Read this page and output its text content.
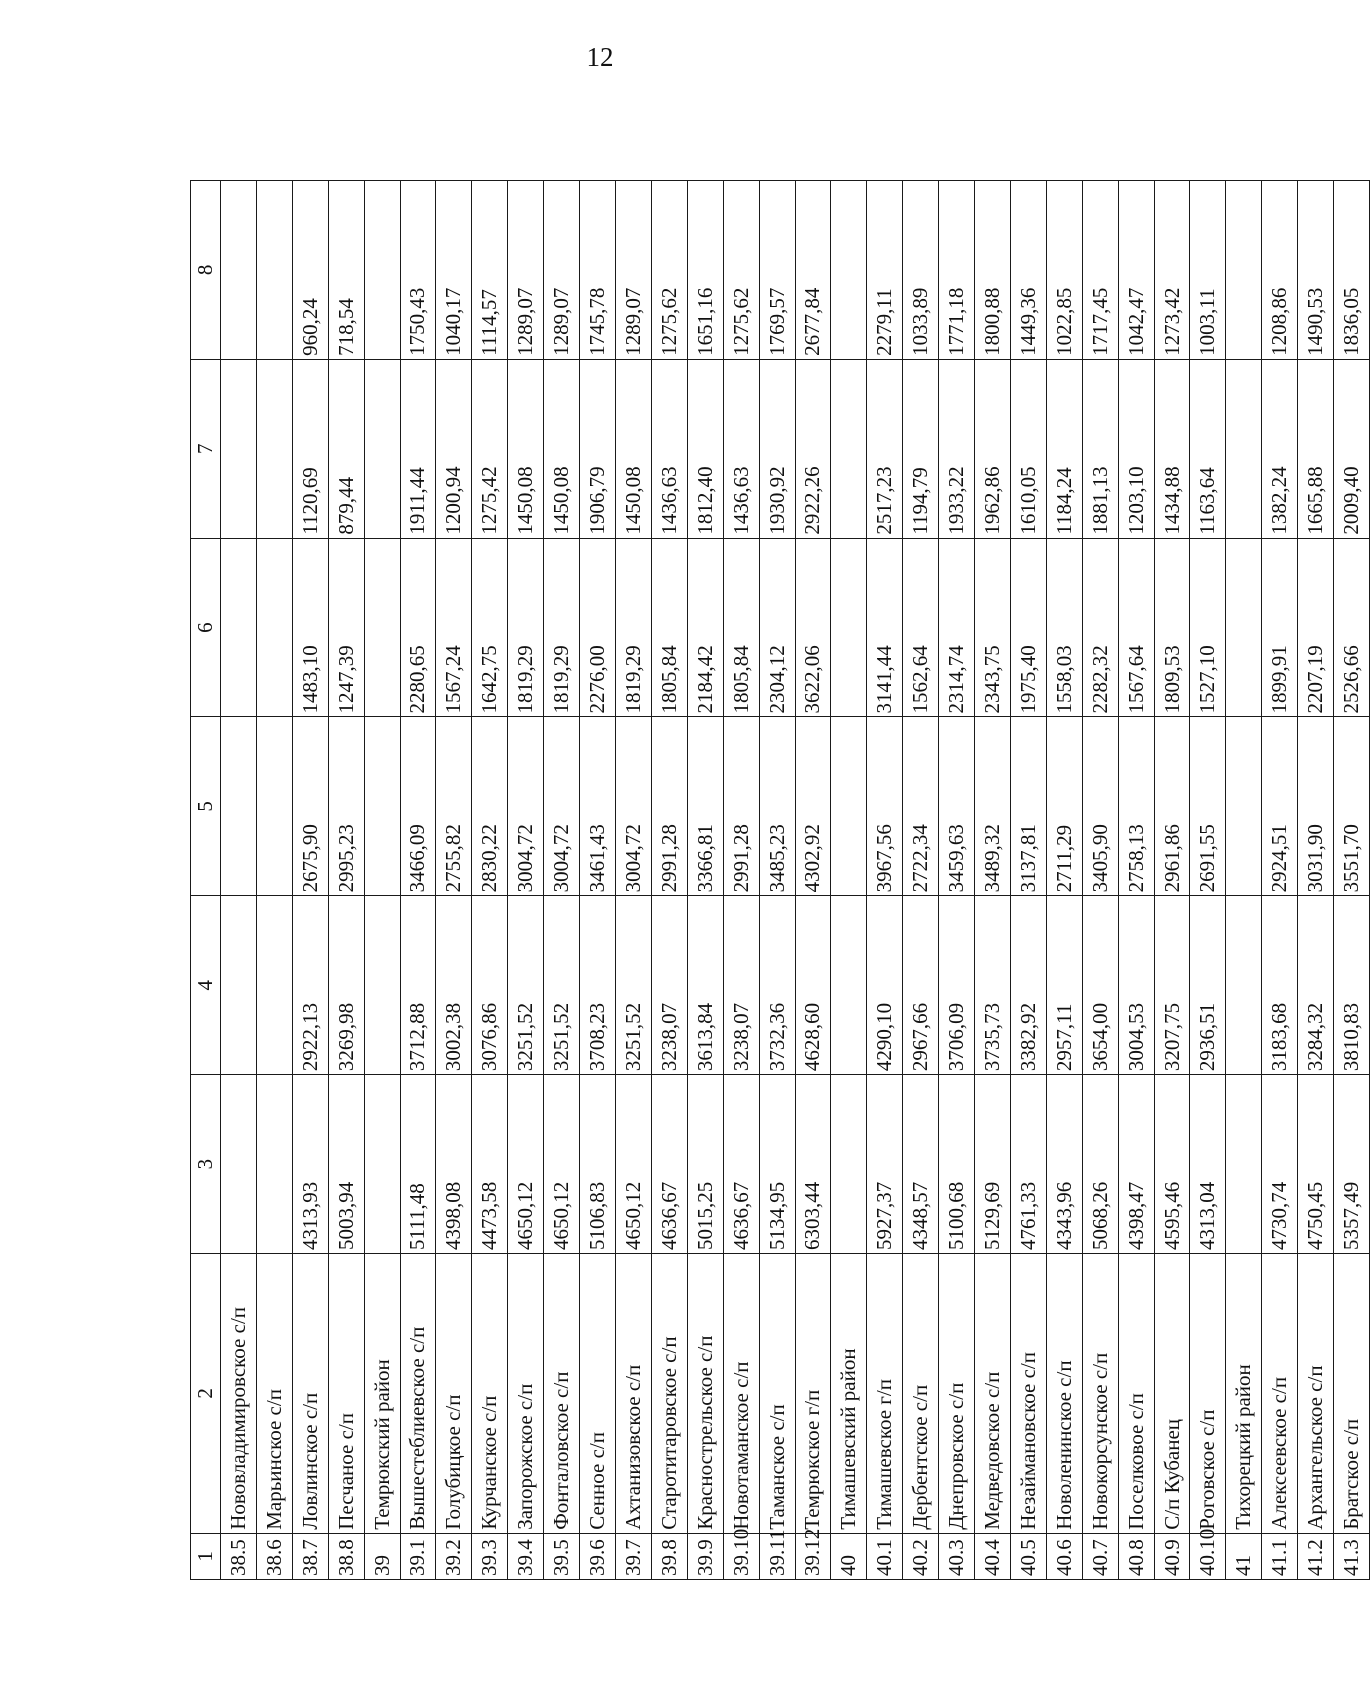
12
1	2	3	4	5	6	7	8
38.5	Нововладимировское с/п						
38.6	Марьинское с/п						
38.7	Ловлинское с/п	4313,93	2922,13	2675,90	1483,10	1120,69	960,24
38.8	Песчаное с/п	5003,94	3269,98	2995,23	1247,39	879,44	718,54
39	Темрюкский район						
39.1	Вышестеблиевское с/п	5111,48	3712,88	3466,09	2280,65	1911,44	1750,43
39.2	Голубицкое с/п	4398,08	3002,38	2755,82	1567,24	1200,94	1040,17
39.3	Курчанское с/п	4473,58	3076,86	2830,22	1642,75	1275,42	1114,57
39.4	Запорожское с/п	4650,12	3251,52	3004,72	1819,29	1450,08	1289,07
39.5	Фонталовское с/п	4650,12	3251,52	3004,72	1819,29	1450,08	1289,07
39.6	Сенное с/п	5106,83	3708,23	3461,43	2276,00	1906,79	1745,78
39.7	Ахтанизовское с/п	4650,12	3251,52	3004,72	1819,29	1450,08	1289,07
39.8	Старотитаровское с/п	4636,67	3238,07	2991,28	1805,84	1436,63	1275,62
39.9	Краснострельское с/п	5015,25	3613,84	3366,81	2184,42	1812,40	1651,16
39.10	Новотаманское с/п	4636,67	3238,07	2991,28	1805,84	1436,63	1275,62
39.11	Таманское с/п	5134,95	3732,36	3485,23	2304,12	1930,92	1769,57
39.12	Темрюкское г/п	6303,44	4628,60	4302,92	3622,06	2922,26	2677,84
40	Тимашевский район						
40.1	Тимашевское г/п	5927,37	4290,10	3967,56	3141,44	2517,23	2279,11
40.2	Дербентское с/п	4348,57	2967,66	2722,34	1562,64	1194,79	1033,89
40.3	Днепровское с/п	5100,68	3706,09	3459,63	2314,74	1933,22	1771,18
40.4	Медведовское с/п	5129,69	3735,73	3489,32	2343,75	1962,86	1800,88
40.5	Незаймановское с/п	4761,33	3382,92	3137,81	1975,40	1610,05	1449,36
40.6	Новоленинское с/п	4343,96	2957,11	2711,29	1558,03	1184,24	1022,85
40.7	Новокорсунское с/п	5068,26	3654,00	3405,90	2282,32	1881,13	1717,45
40.8	Поселковое с/п	4398,47	3004,53	2758,13	1567,64	1203,10	1042,47
40.9	С/п Кубанец	4595,46	3207,75	2961,86	1809,53	1434,88	1273,42
40.10	Роговское с/п	4313,04	2936,51	2691,55	1527,10	1163,64	1003,11
41	Тихорецкий район						
41.1	Алексеевское с/п	4730,74	3183,68	2924,51	1899,91	1382,24	1208,86
41.2	Архангельское с/п	4750,45	3284,32	3031,90	2207,19	1665,88	1490,53
41.3	Братское с/п	5357,49	3810,83	3551,70	2526,66	2009,40	1836,05
